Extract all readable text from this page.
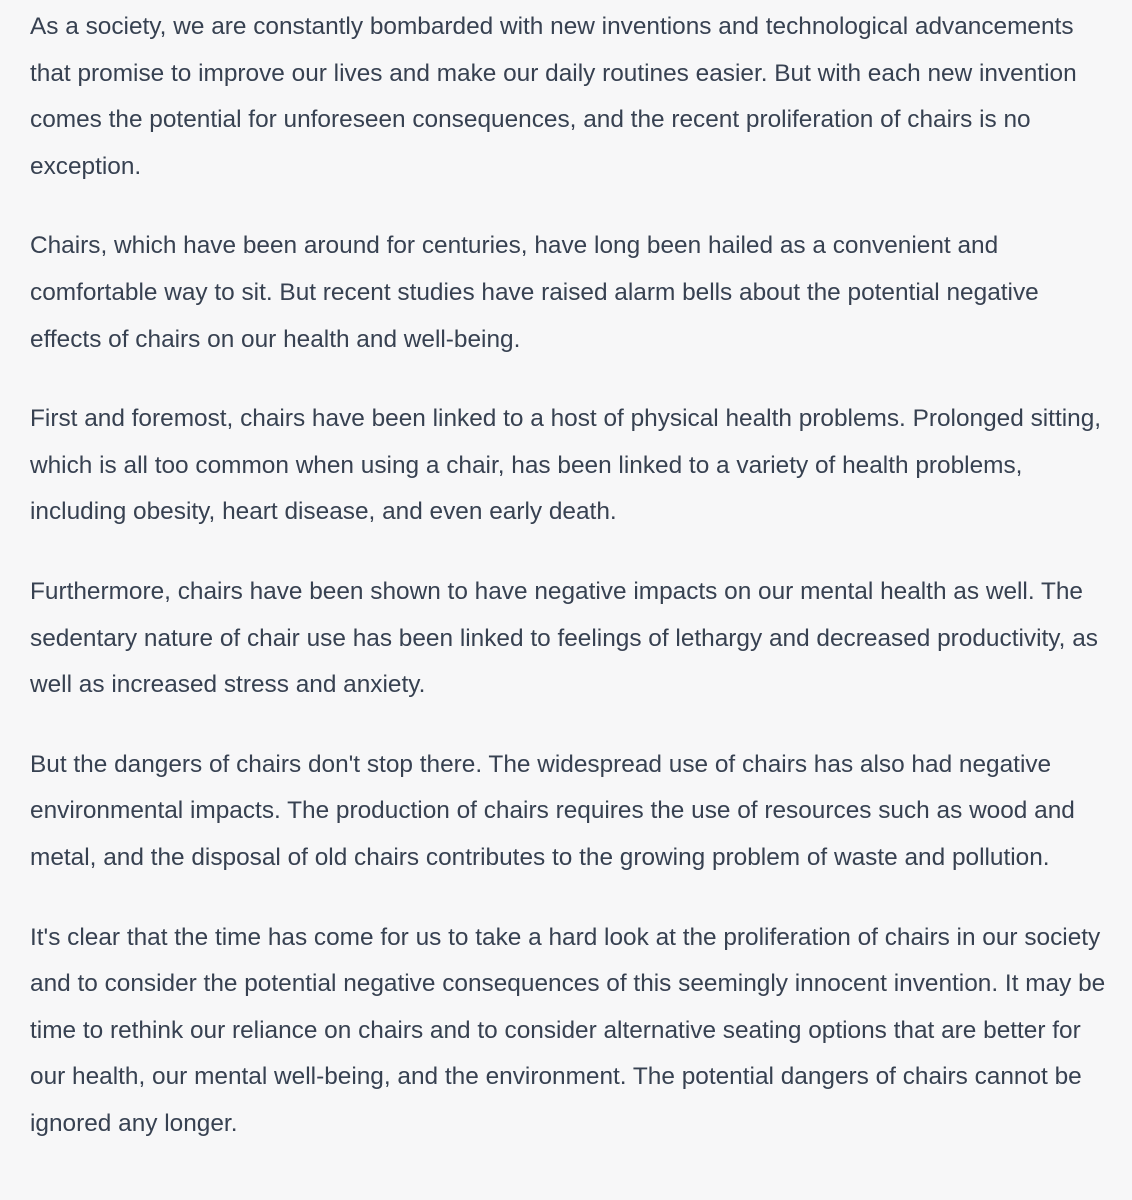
As a society, we are constantly bombarded with new inventions and technological advancements that promise to improve our lives and make our daily routines easier. But with each new invention comes the potential for unforeseen consequences, and the recent proliferation of chairs is no exception.

Chairs, which have been around for centuries, have long been hailed as a convenient and comfortable way to sit. But recent studies have raised alarm bells about the potential negative effects of chairs on our health and well-being.

First and foremost, chairs have been linked to a host of physical health problems. Prolonged sitting, which is all too common when using a chair, has been linked to a variety of health problems, including obesity, heart disease, and even early death.

Furthermore, chairs have been shown to have negative impacts on our mental health as well. The sedentary nature of chair use has been linked to feelings of lethargy and decreased productivity, as well as increased stress and anxiety.

But the dangers of chairs don't stop there. The widespread use of chairs has also had negative environmental impacts. The production of chairs requires the use of resources such as wood and metal, and the disposal of old chairs contributes to the growing problem of waste and pollution.

It's clear that the time has come for us to take a hard look at the proliferation of chairs in our society and to consider the potential negative consequences of this seemingly innocent invention. It may be time to rethink our reliance on chairs and to consider alternative seating options that are better for our health, our mental well-being, and the environment. The potential dangers of chairs cannot be ignored any longer.
